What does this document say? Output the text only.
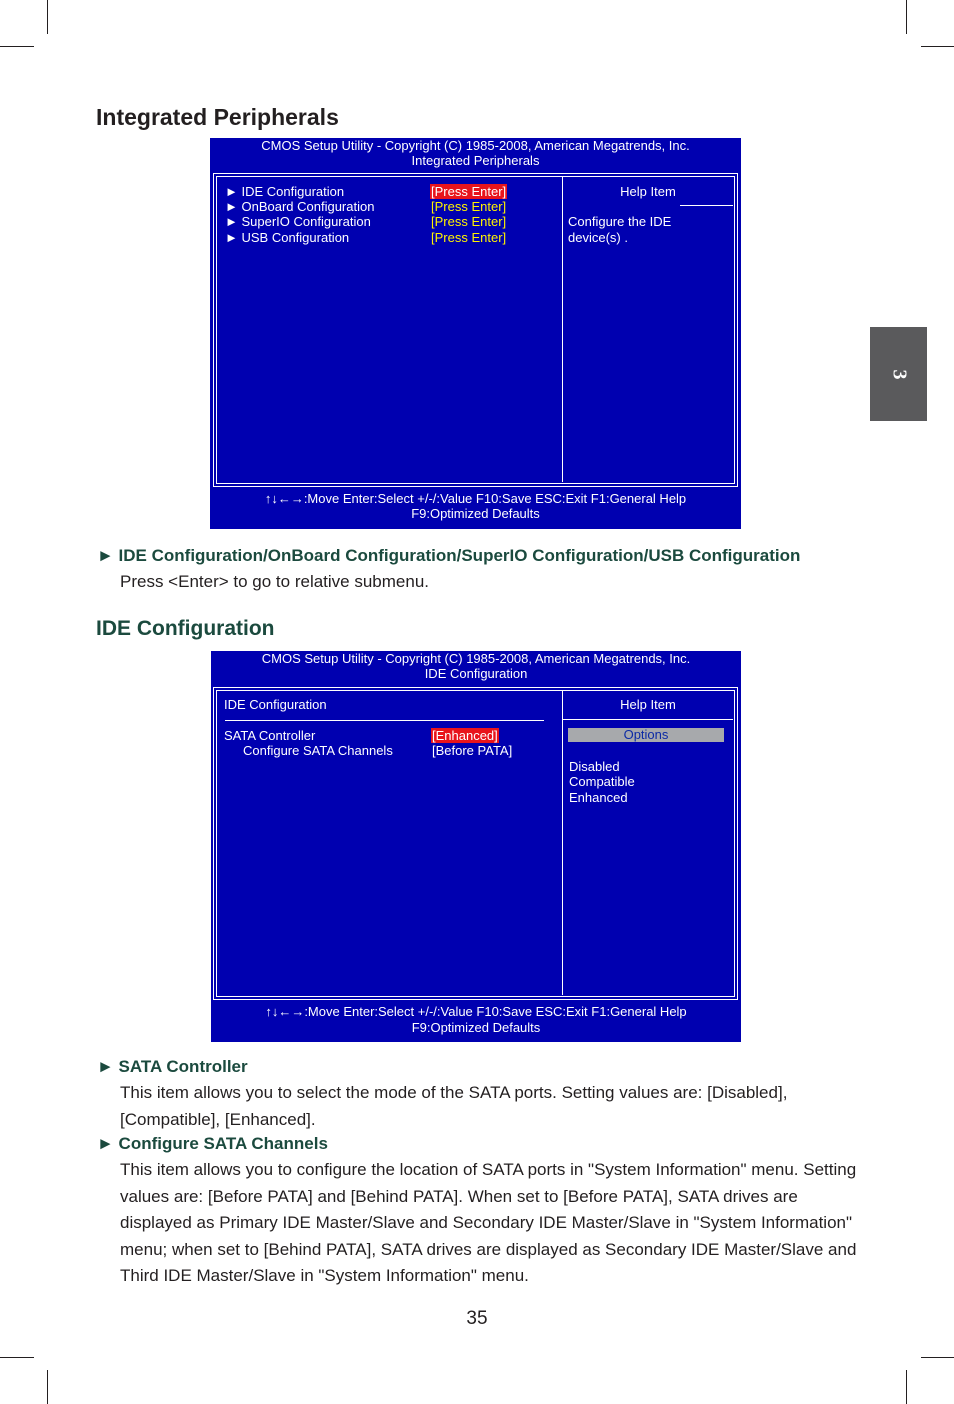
3
Integrated Peripherals
CMOS Setup Utility - Copyright (C) 1985-2008, American Megatrends, Inc.
Integrated Peripherals
► IDE Configuration
► OnBoard Configuration
► SuperIO Configuration
► USB Configuration
[Press Enter]
[Press Enter]
[Press Enter]
[Press Enter]
Help Item
Configure the IDE
device(s) .
↑↓←→:Move Enter:Select +/-/:Value F10:Save ESC:Exit F1:General Help
F9:Optimized Defaults
► IDE Configuration/OnBoard Configuration/SuperIO Configuration/USB Configuration
Press <Enter> to go to relative submenu.
IDE Configuration
CMOS Setup Utility - Copyright (C) 1985-2008, American Megatrends, Inc.
IDE Configuration
IDE Configuration
SATA Controller
Configure SATA Channels
[Enhanced]
[Before PATA]
Help Item
Options
Disabled
Compatible
Enhanced
↑↓←→:Move Enter:Select +/-/:Value F10:Save ESC:Exit F1:General Help
F9:Optimized Defaults
► SATA Controller
This item allows you to select the mode of the SATA ports. Setting values are: [Disabled], [Compatible], [Enhanced].
► Configure SATA Channels
This item allows you to configure the location of SATA ports in "System Information" menu. Setting values are: [Before PATA] and [Behind PATA]. When set to [Before PATA], SATA drives are displayed as Primary IDE Master/Slave and Secondary IDE Master/Slave in "System Information" menu; when set to [Behind PATA], SATA drives are displayed as Secondary IDE Master/Slave and Third IDE Master/Slave in "System Information" menu.
35
